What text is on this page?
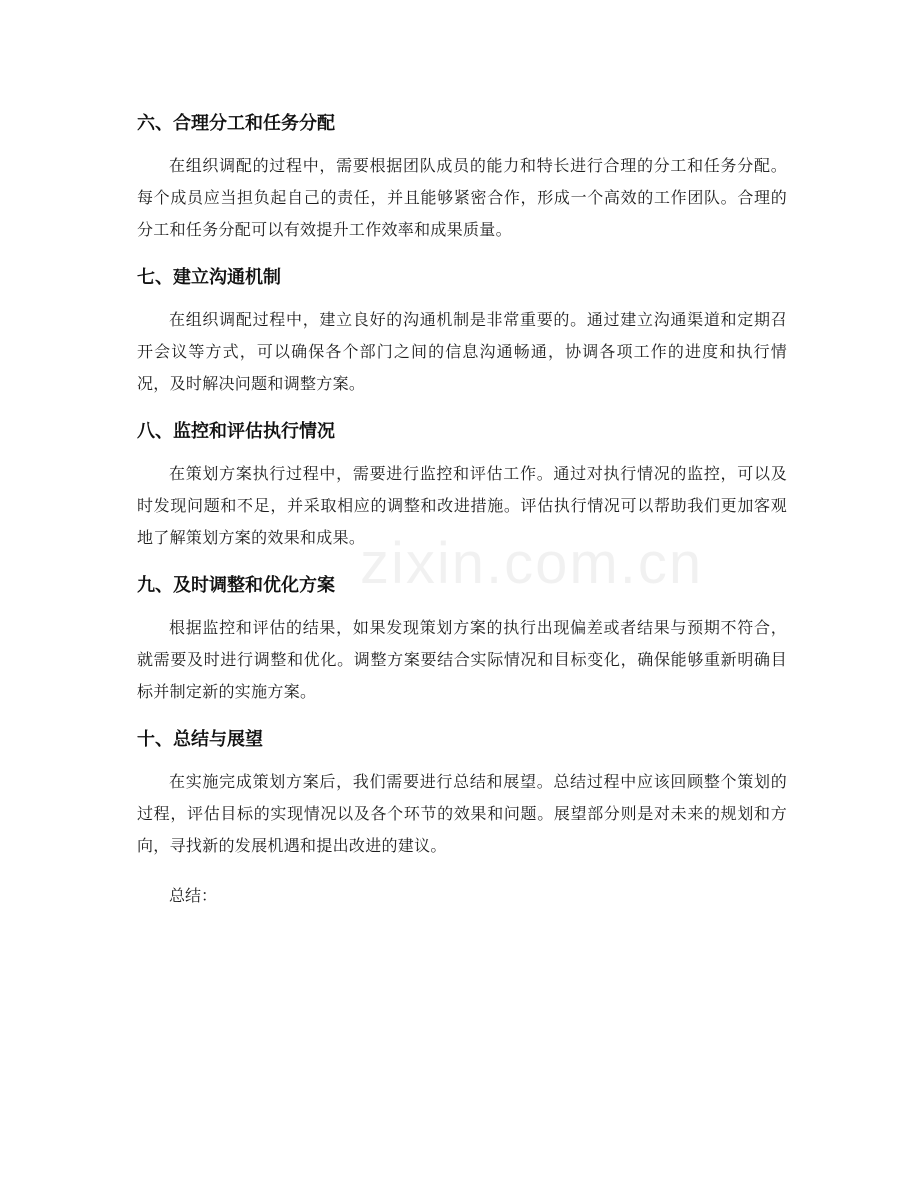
六、合理分工和任务分配

在组织调配的过程中，需要根据团队成员的能力和特长进行合理的分工和任务分配。每个成员应当担负起自己的责任，并且能够紧密合作，形成一个高效的工作团队。合理的分工和任务分配可以有效提升工作效率和成果质量。

七、建立沟通机制

在组织调配过程中，建立良好的沟通机制是非常重要的。通过建立沟通渠道和定期召开会议等方式，可以确保各个部门之间的信息沟通畅通，协调各项工作的进度和执行情况，及时解决问题和调整方案。

八、监控和评估执行情况

在策划方案执行过程中，需要进行监控和评估工作。通过对执行情况的监控，可以及时发现问题和不足，并采取相应的调整和改进措施。评估执行情况可以帮助我们更加客观地了解策划方案的效果和成果。

九、及时调整和优化方案

根据监控和评估的结果，如果发现策划方案的执行出现偏差或者结果与预期不符合，就需要及时进行调整和优化。调整方案要结合实际情况和目标变化，确保能够重新明确目标并制定新的实施方案。

十、总结与展望

在实施完成策划方案后，我们需要进行总结和展望。总结过程中应该回顾整个策划的过程，评估目标的实现情况以及各个环节的效果和问题。展望部分则是对未来的规划和方向，寻找新的发展机遇和提出改进的建议。

总结：

zixin.com.cn
